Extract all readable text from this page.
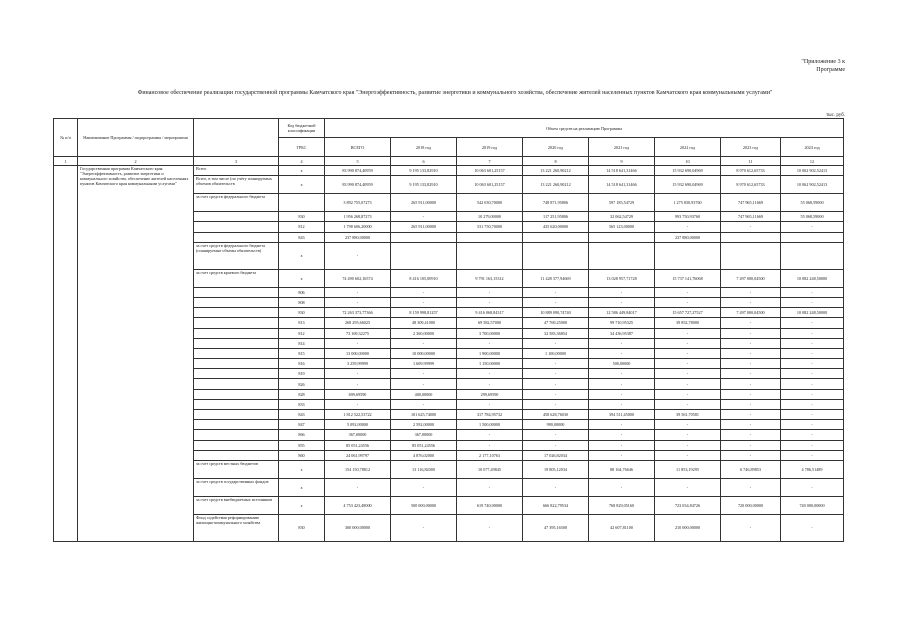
"Приложение 3 к
Программе
Финансовое обеспечение реализации государственной программы Камчатского края "Энергоэффективность, развитие энергетики и коммунального хозяйства, обеспечение жителей населенных пунктов Камчатского края коммунальными услугами"
тыс. руб.
№ п/п	Наименование Программы / подпрограммы / мероприятия		Код бюджетной классификации	Объем средств на реализацию Программы							
			ГРБС	ВСЕГО	2018 год	2019 год	2020 год	2021 год	2022 год	2023 год	2024 год
1	2	3	4	5	6	7	8	9	10	11	12
	Государственная программа Камчатского края "Энергоэффективность, развитие энергетики и коммунального хозяйства, обеспечение жителей населенных пунктов Камчатского края коммунальными услугами"	Всего	х	83 990 874,40959	9 195 133,82910	10 063 601,25157	13 221 260,90212	14 518 641,31466	15 932 690,04969	8 970 612,65733	10 062 902,52413
		Всего, в том числе (по учёту планируемых объемов обязательств	х	83 990 874,40959	9 195 133,82910	10 063 601,25157	13 221 260,90212	14 518 641,31466	15 932 690,04969	8 970 612,65733	10 062 902,52413
		за счет средств федерального бюджета		3 892 755,07273	265 911,00000	542 030,70000	748 871,95806	597 185,54729	1 275 830,93760	747 965,11669	55 068,59000
			830	1 956 268,87273	-	10 279,00000	117 251,95806	32 062,54729	993 750,93760	747 965,11669	55 068,59000
			812	1 798 606,20000	265 911,00000	531 750,70000	435 620,00000	565 123,00000	-	-	-
			843	237 880,00000					237 880,00000		
		за счет средств федерального бюджета (планируемые объемы обязательств)	х	-							
		за счет средств краевого бюджета	х	74 490 602,16574	8 416 105,00910	9 791 163,15312	11 428 377,94669	13 028 957,71728	15 737 141,76068	7 497 000,04500	10 082 248,50000
			806	-	-	-	-	-	-	-	-
			808	-	-	-	-	-	-	-	-
			830	72 263 373,77366	8 159 998,81257	9 416 068,84317	10 889 090,74740	12 586 449,84017	15 657 727,27527	7 497 000,04500	10 082 248,50000
			813	268 295,66025	48 309,41000	69 582,57000	47 769,25000	99 710,95325	39 852,78000	-	-
			812	73 169,32275	2 360,00000	3 700,00000	32 583,36854	34 436,95387	-	-	-
			814	-	-	-	-	-	-	-	-
			815	13 000,00000	10 000,00000	1 900,00000	1 100,00000	-	-	-	-
			816	3 259,99999	1 609,99999	1 150,00000	-	500,00000	-	-	-
			819	-	-	-	-	-	-	-	-
			826	-	-	-	-	-	-	-	-
			828	699,69590	400,00000	299,69590	-	-	-	-	-
			833	-	-	-	-	-	-	-	-
			843	1 812 522,53722	101 625,74000	317 784,95732	458 628,76030	394 511,45000	39 561,70581	-	-
			847	5 092,00000	2 592,00000	1 500,00000	990,00000	-	-	-	-
			866	367,00000	367,00000	-	-	-	-	-	-
			855	85 051,24556	85 051,24556	-	-	-	-	-	-
			860	24 061,99797	4 876,02000	2 177,10763	17 026,82034	-	-	-	-
		за счет средств местных бюджетов	х	154 150,78812	13 116,82000	10 077,49845	19 805,12034	88 164,76646	11 853,19295	6 746,89853	4 786,51489
		за счет средств государственных фондов	х	-	-	-	-	-	-	-	-
		за счет средств внебюджетных источников	х	4 753 423,48000	500 000,00000	619 740,00000	666 822,79534	768 829,05160	723 034,84726	720 000,00000	740 000,00000
		Фонд содействия реформированию жилищно-коммунального хозяйства	830	300 000,00000	-	-	47 395,16500	42 607,81100	210 000,00000	-	-
